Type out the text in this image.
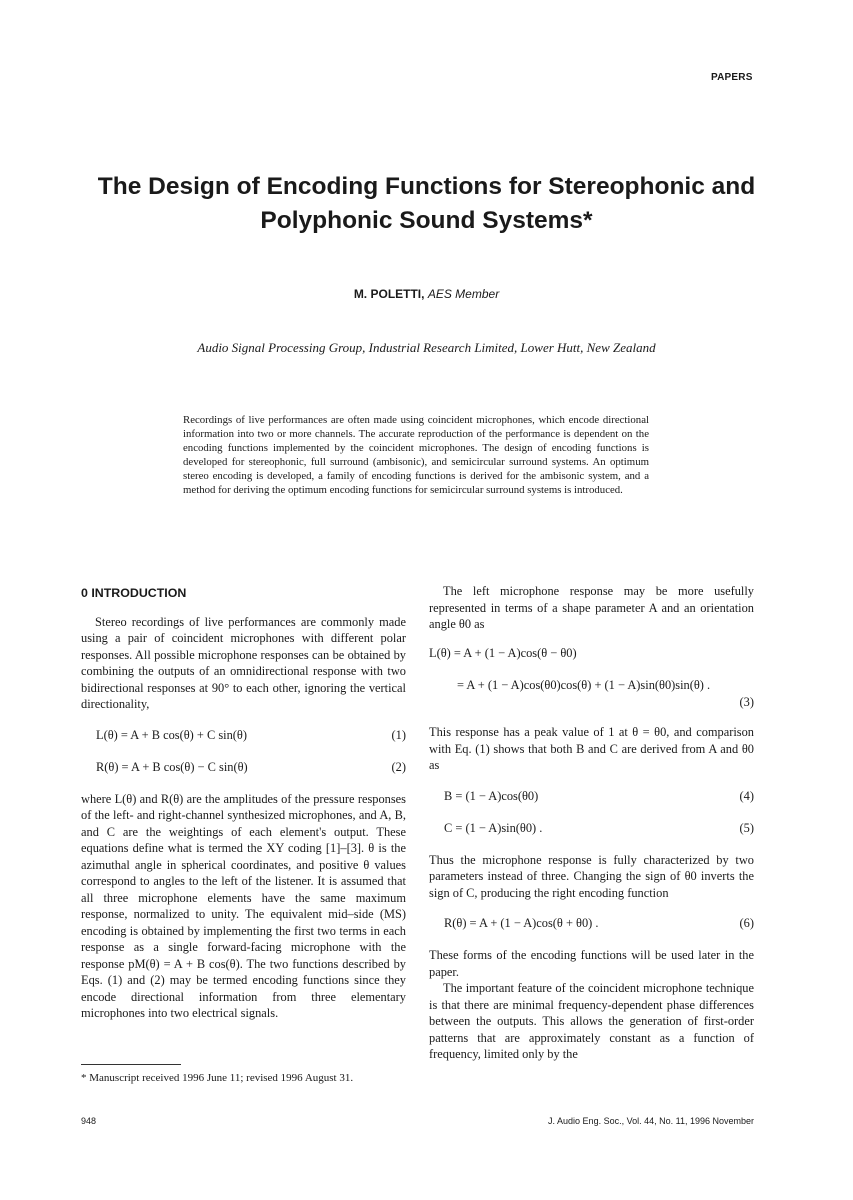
PAPERS
The Design of Encoding Functions for Stereophonic and
Polyphonic Sound Systems*
M. POLETTI, AES Member
Audio Signal Processing Group, Industrial Research Limited, Lower Hutt, New Zealand
Recordings of live performances are often made using coincident microphones, which encode directional information into two or more channels. The accurate reproduction of the performance is dependent on the encoding functions implemented by the coincident microphones. The design of encoding functions is developed for stereophonic, full surround (ambisonic), and semicircular surround systems. An optimum stereo encoding is developed, a family of encoding functions is derived for the ambisonic system, and a method for deriving the optimum encoding functions for semicircular surround systems is introduced.
0 INTRODUCTION

Stereo recordings of live performances are commonly made using a pair of coincident microphones with different polar responses. All possible microphone responses can be obtained by combining the outputs of an omnidirectional response with two bidirectional responses at 90° to each other, ignoring the vertical directionality,

L(θ) = A + B cos(θ) + C sin(θ)	(1)
R(θ) = A + B cos(θ) − C sin(θ)	(2)

where L(θ) and R(θ) are the amplitudes of the pressure responses of the left- and right-channel synthesized microphones, and A, B, and C are the weightings of each element's output. These equations define what is termed the XY coding [1]–[3]. θ is the azimuthal angle in spherical coordinates, and positive θ values correspond to angles to the left of the listener. It is assumed that all three microphone elements have the same maximum response, normalized to unity. The equivalent mid–side (MS) encoding is obtained by implementing the first two terms in each response as a single forward-facing microphone with the response pM(θ) = A + B cos(θ). The two functions described by Eqs. (1) and (2) may be termed encoding functions since they encode directional information from three elementary microphones into two electrical signals.

The left microphone response may be more usefully represented in terms of a shape parameter A and an orientation angle θ0 as

L(θ) = A + (1 − A)cos(θ − θ0)
= A + (1 − A)cos(θ0)cos(θ) + (1 − A)sin(θ0)sin(θ) .
(3)

This response has a peak value of 1 at θ = θ0, and comparison with Eq. (1) shows that both B and C are derived from A and θ0 as

B = (1 − A)cos(θ0)	(4)
C = (1 − A)sin(θ0) .	(5)

Thus the microphone response is fully characterized by two parameters instead of three. Changing the sign of θ0 inverts the sign of C, producing the right encoding function

R(θ) = A + (1 − A)cos(θ + θ0) .	(6)

These forms of the encoding functions will be used later in the paper.

The important feature of the coincident microphone technique is that there are minimal frequency-dependent phase differences between the outputs. This allows the generation of first-order patterns that are approximately constant as a function of frequency, limited only by the

* Manuscript received 1996 June 11; revised 1996 August 31.
948	J. Audio Eng. Soc., Vol. 44, No. 11, 1996 November
